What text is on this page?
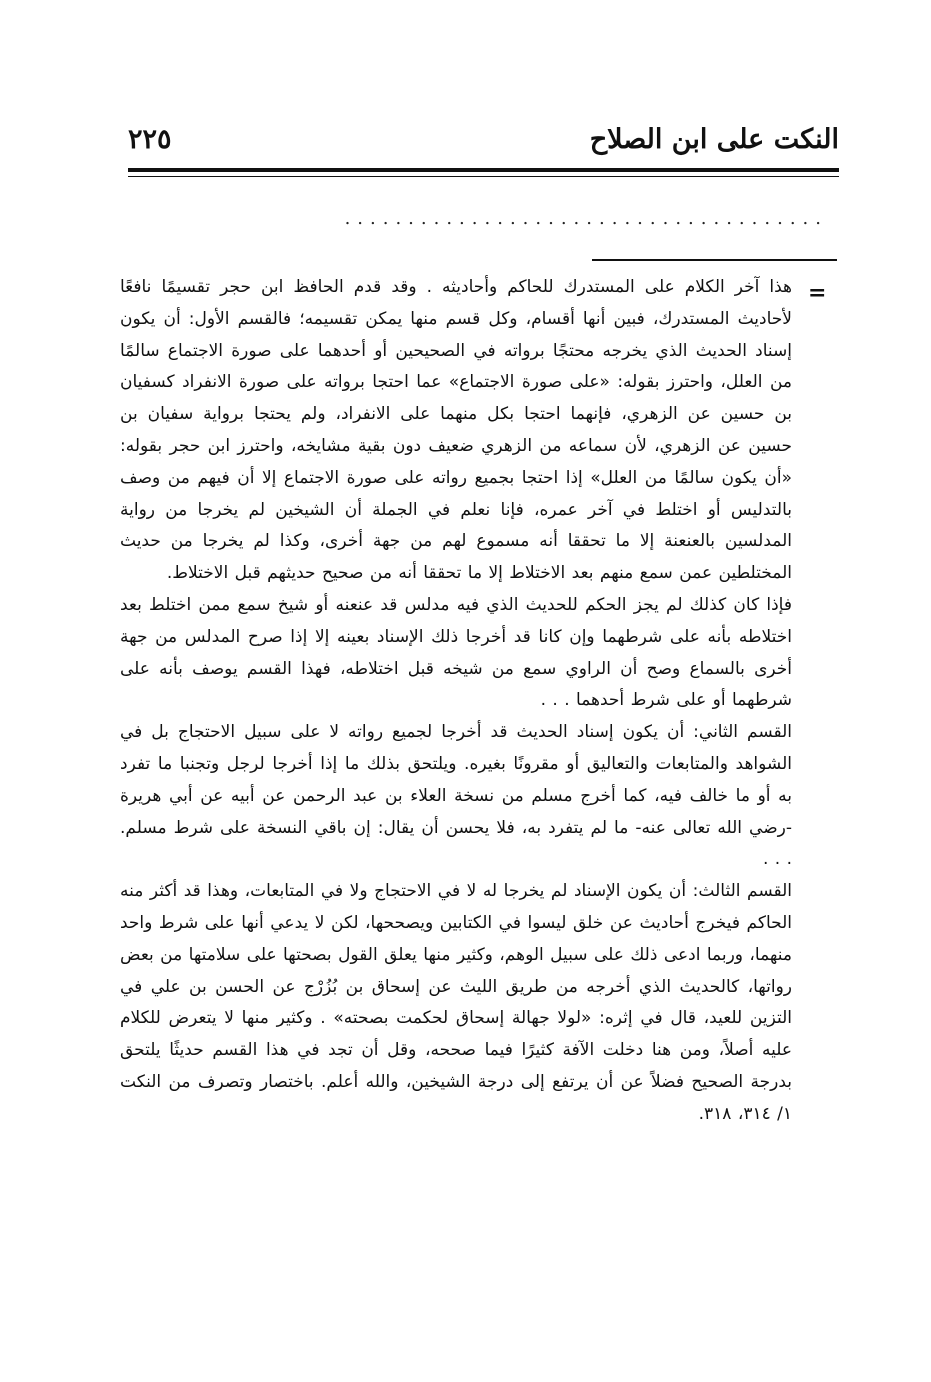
النكت على ابن الصلاح
٢٢٥
......................................
=

هذا آخر الكلام على المستدرك للحاكم وأحاديثه . وقد قدم الحافظ ابن حجر تقسيمًا نافعًا لأحاديث المستدرك، فبين أنها أقسام، وكل قسم منها يمكن تقسيمه؛ فالقسم الأول: أن يكون إسناد الحديث الذي يخرجه محتجًا برواته في الصحيحين أو أحدهما على صورة الاجتماع سالمًا من العلل، واحترز بقوله: «على صورة الاجتماع» عما احتجا برواته على صورة الانفراد كسفيان بن حسين عن الزهري، فإنهما احتجا بكل منهما على الانفراد، ولم يحتجا برواية سفيان بن حسين عن الزهري، لأن سماعه من الزهري ضعيف دون بقية مشايخه، واحترز ابن حجر بقوله: «أن يكون سالمًا من العلل» إذا احتجا بجميع رواته على صورة الاجتماع إلا أن فيهم من وصف بالتدليس أو اختلط في آخر عمره، فإنا نعلم في الجملة أن الشيخين لم يخرجا من رواية المدلسين بالعنعنة إلا ما تحققا أنه مسموع لهم من جهة أخرى، وكذا لم يخرجا من حديث المختلطين عمن سمع منهم بعد الاختلاط إلا ما تحققا أنه من صحيح حديثهم قبل الاختلاط.

فإذا كان كذلك لم يجز الحكم للحديث الذي فيه مدلس قد عنعنه أو شيخ سمع ممن اختلط بعد اختلاطه بأنه على شرطهما وإن كانا قد أخرجا ذلك الإسناد بعينه إلا إذا صرح المدلس من جهة أخرى بالسماع وصح أن الراوي سمع من شيخه قبل اختلاطه، فهذا القسم يوصف بأنه على شرطهما أو على شرط أحدهما . . .

القسم الثاني: أن يكون إسناد الحديث قد أخرجا لجميع رواته لا على سبيل الاحتجاج بل في الشواهد والمتابعات والتعاليق أو مقرونًا بغيره. ويلتحق بذلك ما إذا أخرجا لرجل وتجنبا ما تفرد به أو ما خالف فيه، كما أخرج مسلم من نسخة العلاء بن عبد الرحمن عن أبيه عن أبي هريرة -رضي الله تعالى عنه- ما لم يتفرد به، فلا يحسن أن يقال: إن باقي النسخة على شرط مسلم. . . .

القسم الثالث: أن يكون الإسناد لم يخرجا له لا في الاحتجاج ولا في المتابعات، وهذا قد أكثر منه الحاكم فيخرج أحاديث عن خلق ليسوا في الكتابين ويصححها، لكن لا يدعي أنها على شرط واحد منهما، وربما ادعى ذلك على سبيل الوهم، وكثير منها يعلق القول بصحتها على سلامتها من بعض رواتها، كالحديث الذي أخرجه من طريق الليث عن إسحاق بن بُزُرْج عن الحسن بن علي في التزين للعيد، قال في إثره: «لولا جهالة إسحاق لحكمت بصحته» . وكثير منها لا يتعرض للكلام عليه أصلاً، ومن هنا دخلت الآفة كثيرًا فيما صححه، وقل أن تجد في هذا القسم حديثًا يلتحق بدرجة الصحيح فضلاً عن أن يرتفع إلى درجة الشيخين، والله أعلم. باختصار وتصرف من النكت ١/ ٣١٤، ٣١٨.
